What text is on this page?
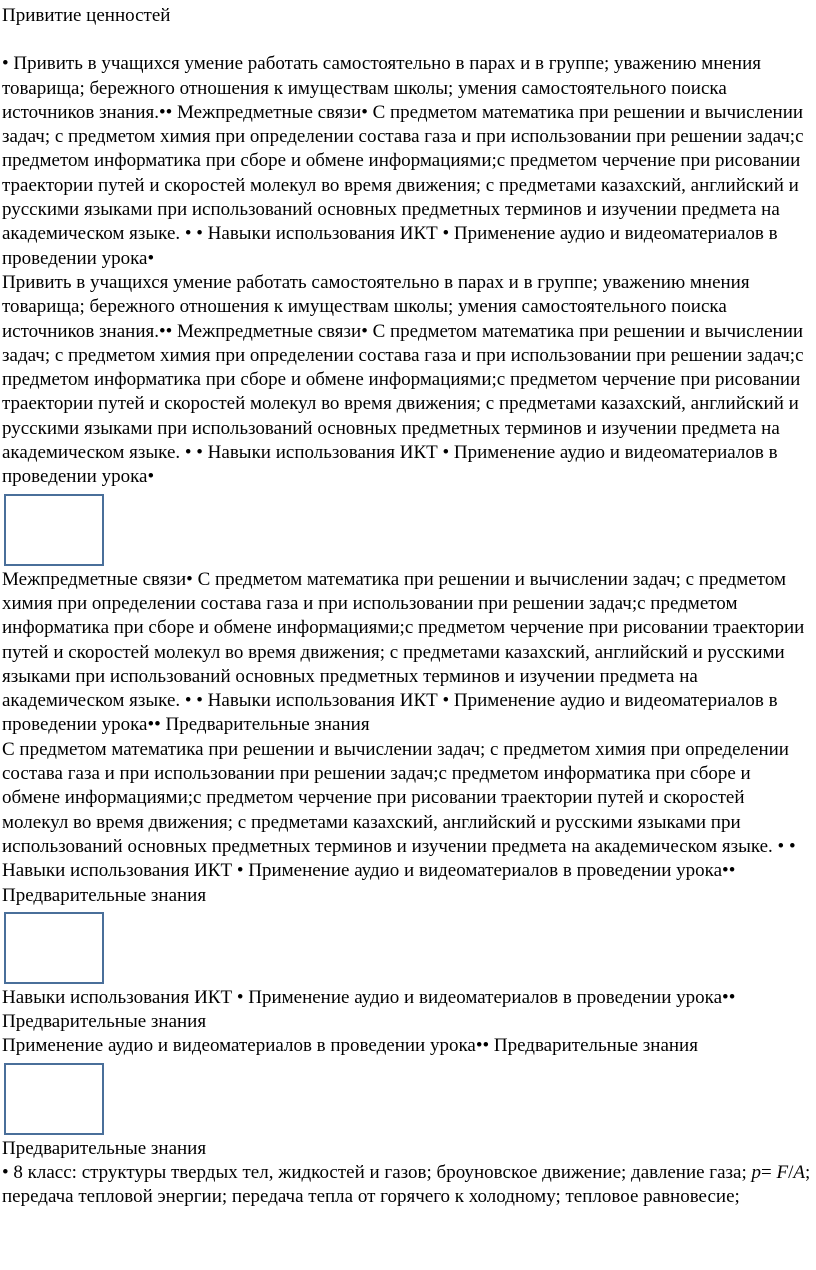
Привитие ценностей

• Привить в учащихся умение работать самостоятельно в парах и в группе; уважению мнения товарища; бережного отношения к имуществам школы; умения самостоятельного поиска источников знания.•• Межпредметные связи• С предметом математика при решении и вычислении задач; с предметом химия при определении состава газа и при использовании при решении задач;с предметом информатика при сборе и обмене информациями;с предметом черчение при рисовании траектории путей и скоростей молекул во время движения; с предметами казахский, английский и русскими языками при использований основных предметных терминов и изучении предмета на академическом языке. • • Навыки использования ИКТ • Применение аудио и видеоматериалов в проведении урока•

Привить в учащихся умение работать самостоятельно в парах и в группе; уважению мнения товарища; бережного отношения к имуществам школы; умения самостоятельного поиска источников знания.•• Межпредметные связи• С предметом математика при решении и вычислении задач; с предметом химия при определении состава газа и при использовании при решении задач;с предметом информатика при сборе и обмене информациями;с предметом черчение при рисовании траектории путей и скоростей молекул во время движения; с предметами казахский, английский и русскими языками при использований основных предметных терминов и изучении предмета на академическом языке. • • Навыки использования ИКТ • Применение аудио и видеоматериалов в проведении урока•

Межпредметные связи• С предметом математика при решении и вычислении задач; с предметом химия при определении состава газа и при использовании при решении задач;с предметом информатика при сборе и обмене информациями;с предметом черчение при рисовании траектории путей и скоростей молекул во время движения; с предметами казахский, английский и русскими языками при использований основных предметных терминов и изучении предмета на академическом языке. • • Навыки использования ИКТ • Применение аудио и видеоматериалов в проведении урока•• Предварительные знания

С предметом математика при решении и вычислении задач; с предметом химия при определении состава газа и при использовании при решении задач;с предметом информатика при сборе и обмене информациями;с предметом черчение при рисовании траектории путей и скоростей молекул во время движения; с предметами казахский, английский и русскими языками при использований основных предметных терминов и изучении предмета на академическом языке. • • Навыки использования ИКТ • Применение аудио и видеоматериалов в проведении урока•• Предварительные знания

Навыки использования ИКТ • Применение аудио и видеоматериалов в проведении урока•• Предварительные знания

Применение аудио и видеоматериалов в проведении урока•• Предварительные знания

Предварительные знания

• 8 класс: структуры твердых тел, жидкостей и газов; броуновское движение; давление газа; p= F/A; передача тепловой энергии; передача тепла от горячего к холодному; тепловое равновесие;
